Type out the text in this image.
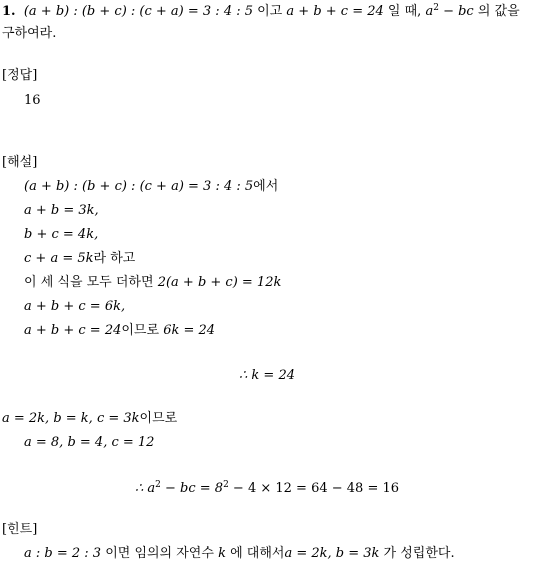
1. (a + b) : (b + c) : (c + a) = 3 : 4 : 5 이고 a + b + c = 24 일 때, $a^2$ − bc 의 값을
구하여라.
[정답]
16
[해설]
(a + b) : (b + c) : (c + a) = 3 : 4 : 5에서
a + b = 3k,
b + c = 4k,
c + a = 5k라 하고
이 세 식을 모두 더하면 2(a + b + c) = 12k
a + b + c = 6k,
a + b + c = 24이므로 6k = 24
∴ k = 24
a = 2k, b = k, c = 3k이므로
a = 8, b = 4, c = 12
∴ $a^2$ − bc = $8^2 - 4 \times 12 = 64 - 48 = 16$
[힌트]
a : b = 2 : 3 이면 임의의 자연수 k 에 대해서a = 2k, b = 3k 가 성립한다.
